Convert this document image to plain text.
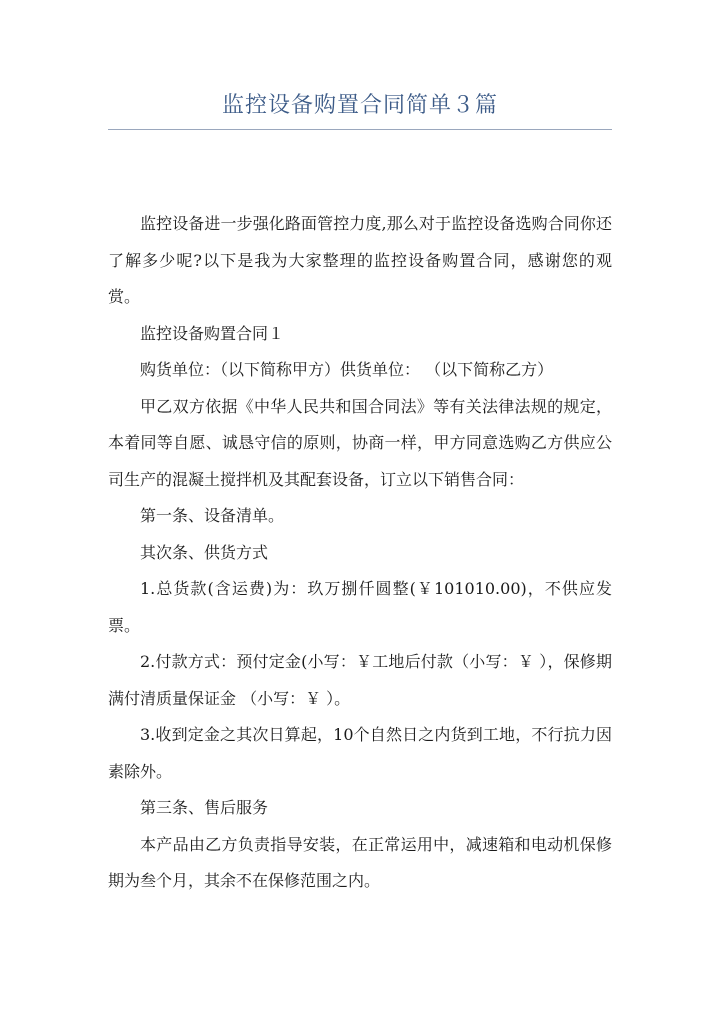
监控设备购置合同简单３篇

监控设备进一步强化路面管控力度,那么对于监控设备选购合同你还了解多少呢?以下是我为大家整理的监控设备购置合同，感谢您的观赏。

监控设备购置合同１

购货单位：（以下简称甲方）供货单位： （以下简称乙方）

甲乙双方依据《中华人民共和国合同法》等有关法律法规的规定，本着同等自愿、诚恳守信的原则，协商一样，甲方同意选购乙方供应公司生产的混凝土搅拌机及其配套设备，订立以下销售合同：

第一条、设备清单。

其次条、供货方式

1.总货款(含运费)为：玖万捌仟圆整(￥101010.00)，不供应发票。

2.付款方式：预付定金(小写：￥工地后付款（小写：￥ ），保修期满付清质量保证金 （小写：￥ ）。

3.收到定金之其次日算起，10个自然日之内货到工地，不行抗力因素除外。

第三条、售后服务

本产品由乙方负责指导安装，在正常运用中，减速箱和电动机保修期为叁个月，其余不在保修范围之内。
